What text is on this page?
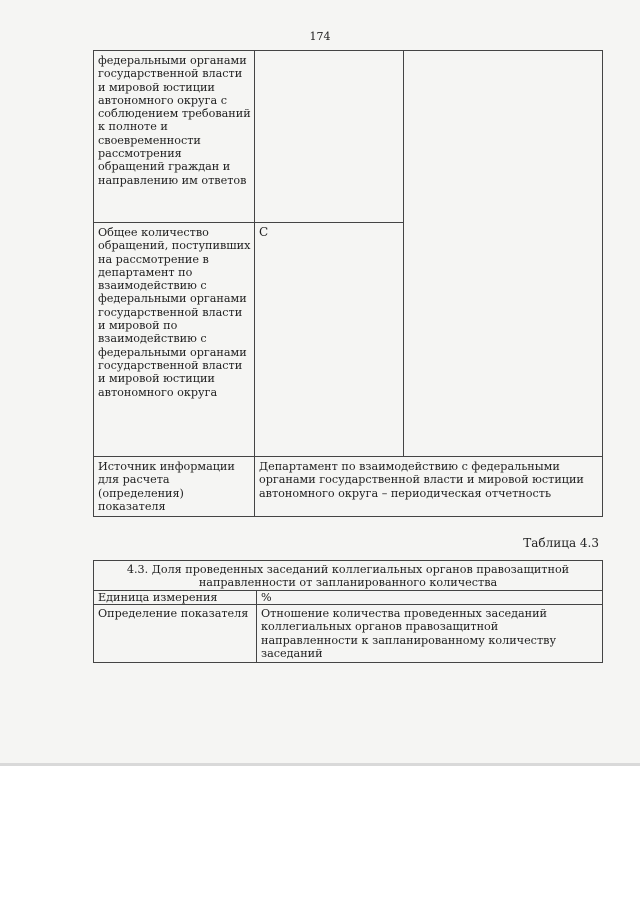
174
федеральными органами государственной власти и мировой юстиции автономного округа с соблюдением требований к полноте и своевременности рассмотрения обращений граждан и направлению им ответов
Общее количество обращений, поступивших на рассмотрение в департамент по взаимодействию с федеральными органами государственной власти и мировой по взаимодействию с федеральными органами государственной власти и мировой юстиции автономного округа
С
Источник информации для расчета (определения) показателя
Департамент по взаимодействию с федеральными органами государственной власти и мировой юстиции автономного округа – периодическая отчетность
Таблица 4.3
4.3. Доля проведенных заседаний коллегиальных органов правозащитной направленности от запланированного количества
Единица измерения	%
Определение показателя	Отношение количества проведенных заседаний коллегиальных органов правозащитной направленности к запланированному количеству заседаний
